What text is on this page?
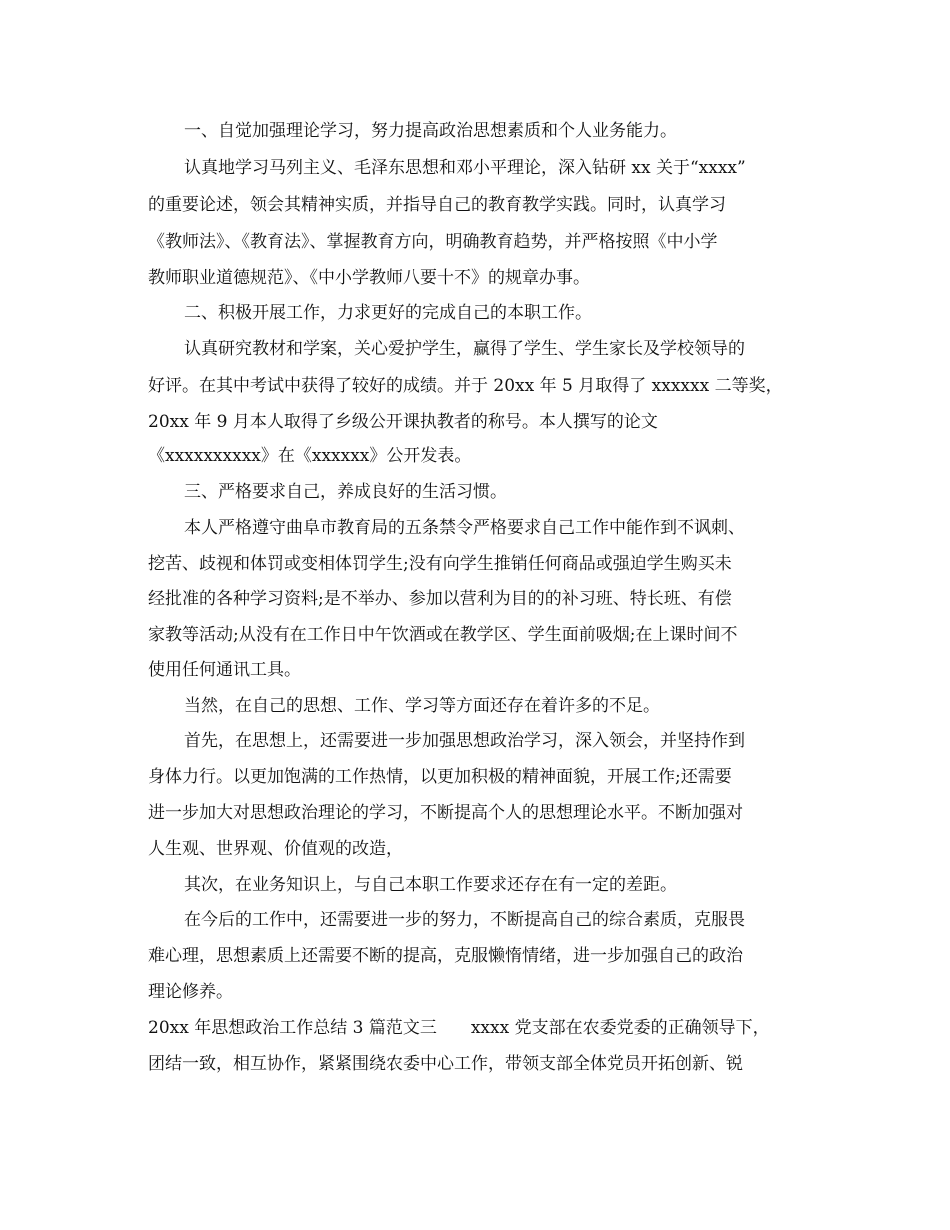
一、自觉加强理论学习，努力提高政治思想素质和个人业务能力。
认真地学习马列主义、毛泽东思想和邓小平理论，深入钻研 xx 关于“xxxx”
的重要论述，领会其精神实质，并指导自己的教育教学实践。同时，认真学习
《教师法》、《教育法》、掌握教育方向，明确教育趋势，并严格按照《中小学
教师职业道德规范》、《中小学教师八要十不》的规章办事。
二、积极开展工作，力求更好的完成自己的本职工作。
认真研究教材和学案，关心爱护学生，赢得了学生、学生家长及学校领导的
好评。在其中考试中获得了较好的成绩。并于 20xx 年 5 月取得了 xxxxxx 二等奖，
20xx 年 9 月本人取得了乡级公开课执教者的称号。本人撰写的论文
《xxxxxxxxxx》在《xxxxxx》公开发表。
三、严格要求自己，养成良好的生活习惯。
本人严格遵守曲阜市教育局的五条禁令严格要求自己工作中能作到不讽刺、
挖苦、歧视和体罚或变相体罚学生;没有向学生推销任何商品或强迫学生购买未
经批准的各种学习资料;是不举办、参加以营利为目的的补习班、特长班、有偿
家教等活动;从没有在工作日中午饮酒或在教学区、学生面前吸烟;在上课时间不
使用任何通讯工具。
当然，在自己的思想、工作、学习等方面还存在着许多的不足。
首先，在思想上，还需要进一步加强思想政治学习，深入领会，并坚持作到
身体力行。以更加饱满的工作热情，以更加积极的精神面貌，开展工作;还需要
进一步加大对思想政治理论的学习，不断提高个人的思想理论水平。不断加强对
人生观、世界观、价值观的改造，
其次，在业务知识上，与自己本职工作要求还存在有一定的差距。
在今后的工作中，还需要进一步的努力，不断提高自己的综合素质，克服畏
难心理，思想素质上还需要不断的提高，克服懒惰情绪，进一步加强自己的政治
理论修养。
20xx 年思想政治工作总结 3 篇范文三　　xxxx 党支部在农委党委的正确领导下，
团结一致，相互协作，紧紧围绕农委中心工作，带领支部全体党员开拓创新、锐
